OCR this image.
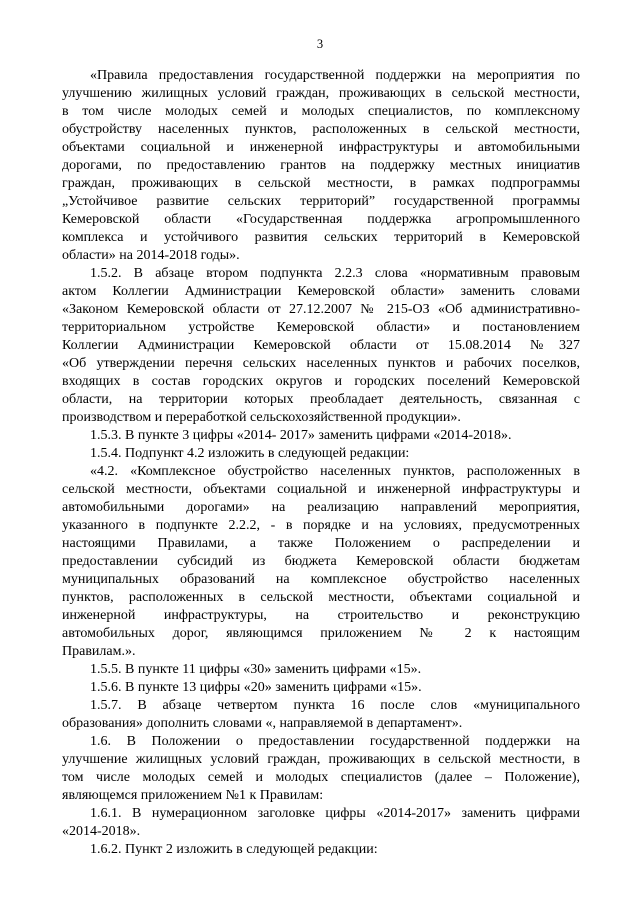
3
«Правила предоставления государственной поддержки на мероприятия по
улучшению жилищных условий граждан, проживающих в сельской местности,
в том числе молодых семей и молодых специалистов, по комплексному
обустройству населенных пунктов, расположенных в сельской местности,
объектами социальной и инженерной инфраструктуры и автомобильными
дорогами, по предоставлению грантов на поддержку местных инициатив
граждан, проживающих в сельской местности, в рамках подпрограммы
„Устойчивое развитие сельских территорий” государственной программы
Кемеровской области «Государственная поддержка агропромышленного
комплекса и устойчивого развития сельских территорий в Кемеровской
области» на 2014-2018 годы».
1.5.2. В абзаце втором подпункта 2.2.3 слова «нормативным правовым
актом Коллегии Администрации Кемеровской области» заменить словами
«Законом Кемеровской области от 27.12.2007 № 215-ОЗ «Об административно-
территориальном устройстве Кемеровской области» и постановлением
Коллегии Администрации Кемеровской области от 15.08.2014 №327
«Об утверждении перечня сельских населенных пунктов и рабочих поселков,
входящих в состав городских округов и городских поселений Кемеровской
области, на территории которых преобладает деятельность, связанная с
производством и переработкой сельскохозяйственной продукции».
1.5.3. В пункте 3 цифры «2014- 2017» заменить цифрами «2014-2018».
1.5.4. Подпункт 4.2 изложить в следующей редакции:
«4.2. «Комплексное обустройство населенных пунктов, расположенных в
сельской местности, объектами социальной и инженерной инфраструктуры и
автомобильными дорогами» на реализацию направлений мероприятия,
указанного в подпункте 2.2.2, - в порядке и на условиях, предусмотренных
настоящими Правилами, а также Положением о распределении и
предоставлении субсидий из бюджета Кемеровской области бюджетам
муниципальных образований на комплексное обустройство населенных
пунктов, расположенных в сельской местности, объектами социальной и
инженерной инфраструктуры, на строительство и реконструкцию
автомобильных дорог, являющимся приложением № 2 к настоящим
Правилам.».
1.5.5. В пункте 11 цифры «30» заменить цифрами «15».
1.5.6. В пункте 13 цифры «20» заменить цифрами «15».
1.5.7. В абзаце четвертом пункта 16 после слов «муниципального
образования» дополнить словами «, направляемой в департамент».
1.6. В Положении о предоставлении государственной поддержки на
улучшение жилищных условий граждан, проживающих в сельской местности, в
том числе молодых семей и молодых специалистов (далее – Положение),
являющемся приложением №1 к Правилам:
1.6.1. В нумерационном заголовке цифры «2014-2017» заменить цифрами
«2014-2018».
1.6.2. Пункт 2 изложить в следующей редакции:
